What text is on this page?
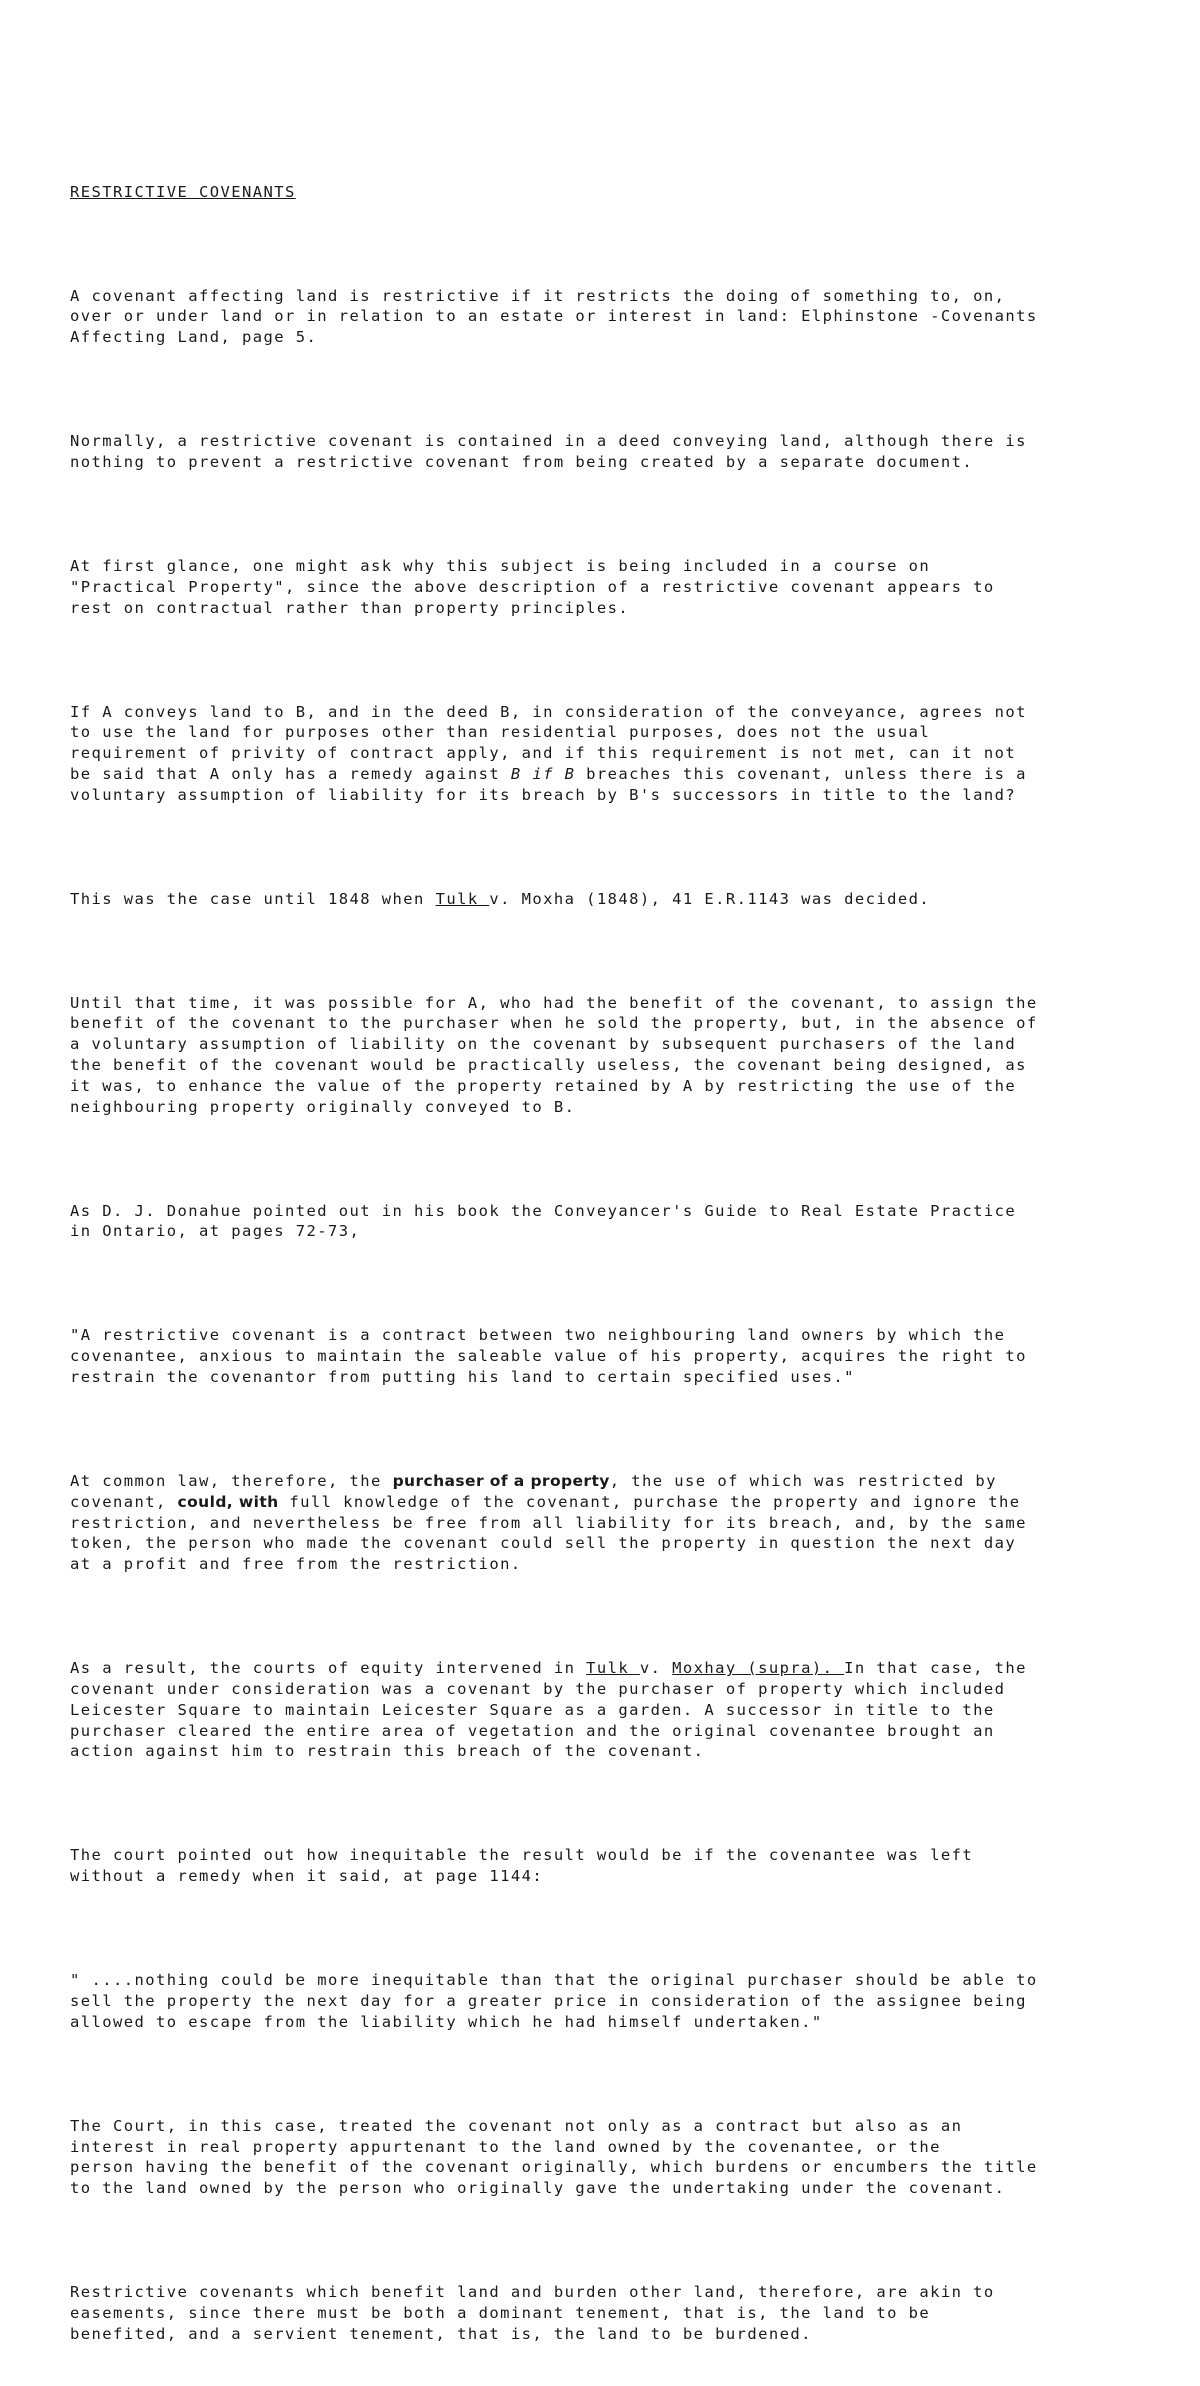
RESTRICTIVE COVENANTS

A covenant affecting land is restrictive if it restricts the doing of something to, on,
over or under land or in relation to an estate or interest in land: Elphinstone -Covenants
Affecting Land, page 5.

Normally, a restrictive covenant is contained in a deed conveying land, although there is
nothing to prevent a restrictive covenant from being created by a separate document.

At first glance, one might ask why this subject is being included in a course on
"Practical Property", since the above description of a restrictive covenant appears to
rest on contractual rather than property principles.

If A conveys land to B, and in the deed B, in consideration of the conveyance, agrees not
to use the land for purposes other than residential purposes, does not the usual
requirement of privity of contract apply, and if this requirement is not met, can it not
be said that A only has a remedy against B if B breaches this covenant, unless there is a
voluntary assumption of liability for its breach by B's successors in title to the land?

This was the case until 1848 when Tulk v. Moxha (1848), 41 E.R.1143 was decided.

Until that time, it was possible for A, who had the benefit of the covenant, to assign the
benefit of the covenant to the purchaser when he sold the property, but, in the absence of
a voluntary assumption of liability on the covenant by subsequent purchasers of the land
the benefit of the covenant would be practically useless, the covenant being designed, as
it was, to enhance the value of the property retained by A by restricting the use of the
neighbouring property originally conveyed to B.

As D. J. Donahue pointed out in his book the Conveyancer's Guide to Real Estate Practice
in Ontario, at pages 72-73,

"A restrictive covenant is a contract between two neighbouring land owners by which the
covenantee, anxious to maintain the saleable value of his property, acquires the right to
restrain the covenantor from putting his land to certain specified uses."

At common law, therefore, the purchaser of a property, the use of which was restricted by
covenant, could, with full knowledge of the covenant, purchase the property and ignore the
restriction, and nevertheless be free from all liability for its breach, and, by the same
token, the person who made the covenant could sell the property in question the next day
at a profit and free from the restriction.

As a result, the courts of equity intervened in Tulk v. Moxhay (supra). In that case, the
covenant under consideration was a covenant by the purchaser of property which included
Leicester Square to maintain Leicester Square as a garden. A successor in title to the
purchaser cleared the entire area of vegetation and the original covenantee brought an
action against him to restrain this breach of the covenant.

The court pointed out how inequitable the result would be if the covenantee was left
without a remedy when it said, at page 1144:

" ....nothing could be more inequitable than that the original purchaser should be able to
sell the property the next day for a greater price in consideration of the assignee being
allowed to escape from the liability which he had himself undertaken."

The Court, in this case, treated the covenant not only as a contract but also as an
interest in real property appurtenant to the land owned by the covenantee, or the
person having the benefit of the covenant originally, which burdens or encumbers the title
to the land owned by the person who originally gave the undertaking under the covenant.

Restrictive covenants which benefit land and burden other land, therefore, are akin to
easements, since there must be both a dominant tenement, that is, the land to be
benefited, and a servient tenement, that is, the land to be burdened.
